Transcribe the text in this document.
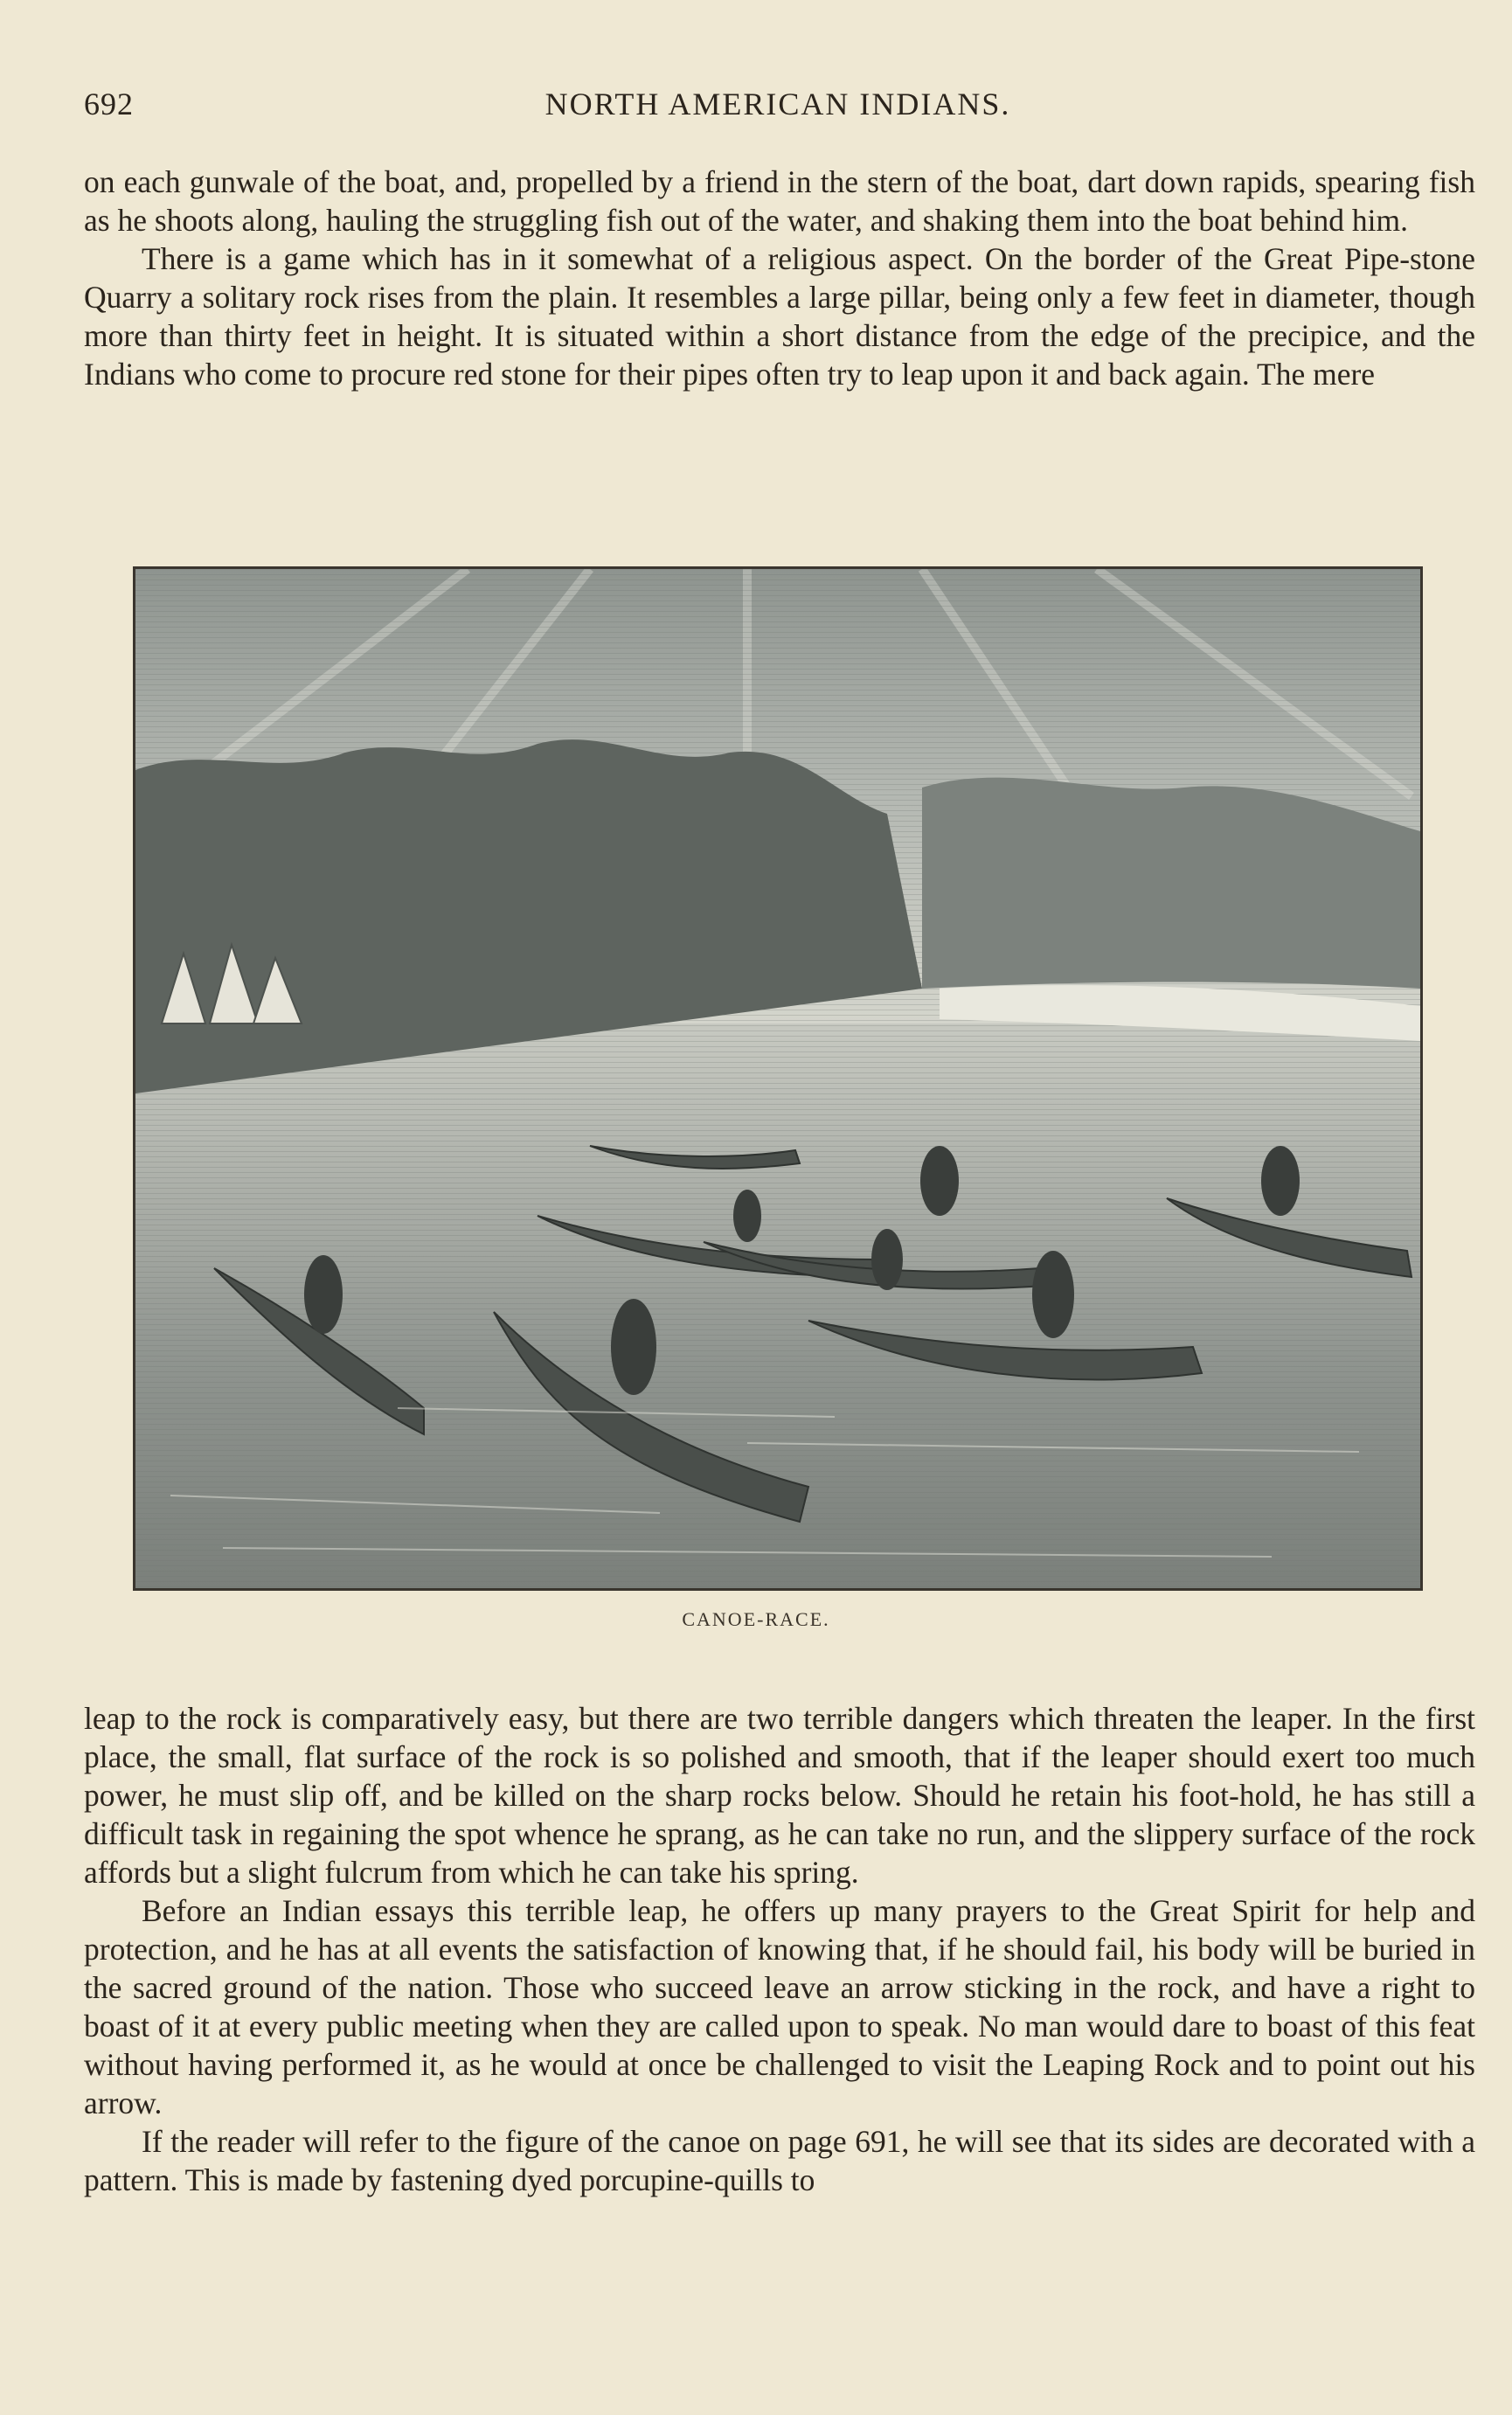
692	NORTH AMERICAN INDIANS.

on each gunwale of the boat, and, propelled by a friend in the stern of the boat, dart down rapids, spearing fish as he shoots along, hauling the struggling fish out of the water, and shaking them into the boat behind him.

There is a game which has in it somewhat of a religious aspect. On the border of the Great Pipe-stone Quarry a solitary rock rises from the plain. It resembles a large pillar, being only a few feet in diameter, though more than thirty feet in height. It is situated within a short distance from the edge of the precipice, and the Indians who come to procure red stone for their pipes often try to leap upon it and back again. The mere

CANOE-RACE.

leap to the rock is comparatively easy, but there are two terrible dangers which threaten the leaper. In the first place, the small, flat surface of the rock is so polished and smooth, that if the leaper should exert too much power, he must slip off, and be killed on the sharp rocks below. Should he retain his foot-hold, he has still a difficult task in regaining the spot whence he sprang, as he can take no run, and the slippery surface of the rock affords but a slight fulcrum from which he can take his spring.

Before an Indian essays this terrible leap, he offers up many prayers to the Great Spirit for help and protection, and he has at all events the satisfaction of knowing that, if he should fail, his body will be buried in the sacred ground of the nation. Those who succeed leave an arrow sticking in the rock, and have a right to boast of it at every public meeting when they are called upon to speak. No man would dare to boast of this feat without having performed it, as he would at once be challenged to visit the Leaping Rock and to point out his arrow.

If the reader will refer to the figure of the canoe on page 691, he will see that its sides are decorated with a pattern. This is made by fastening dyed porcupine-quills to
